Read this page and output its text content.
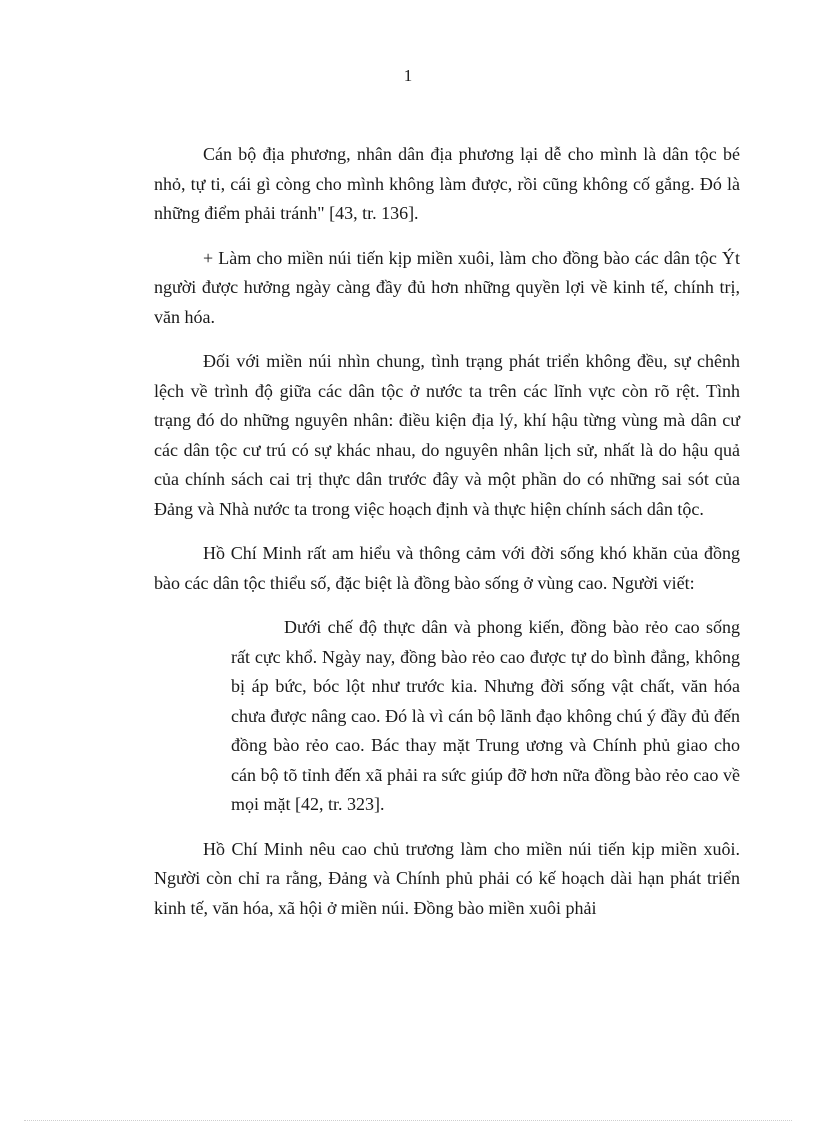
1

Cán bộ địa phương, nhân dân địa phương lại dễ cho mình là dân tộc bé nhỏ, tự ti, cái gì còng cho mình không làm được, rồi cũng không cố gắng. Đó là những điểm phải tránh" [43, tr. 136].

+ Làm cho miền núi tiến kịp miền xuôi, làm cho đồng bào các dân tộc Ýt người được hưởng ngày càng đầy đủ hơn những quyền lợi về kinh tế, chính trị, văn hóa.

Đối với miền núi nhìn chung, tình trạng phát triển không đều, sự chênh lệch về trình độ giữa các dân tộc ở nước ta trên các lĩnh vực còn rõ rệt. Tình trạng đó do những nguyên nhân: điều kiện địa lý, khí hậu từng vùng mà dân cư các dân tộc cư trú có sự khác nhau, do nguyên nhân lịch sử, nhất là do hậu quả của chính sách cai trị thực dân trước đây và một phần do có những sai sót của Đảng và Nhà nước ta trong việc hoạch định và thực hiện chính sách dân tộc.

Hồ Chí Minh rất am hiểu và thông cảm với đời sống khó khăn của đồng bào các dân tộc thiểu số, đặc biệt là đồng bào sống ở vùng cao. Người viết:

Dưới chế độ thực dân và phong kiến, đồng bào rẻo cao sống rất cực khổ. Ngày nay, đồng bào rẻo cao được tự do bình đẳng, không bị áp bức, bóc lột như trước kia. Nhưng đời sống vật chất, văn hóa chưa được nâng cao. Đó là vì cán bộ lãnh đạo không chú ý đầy đủ đến đồng bào rẻo cao. Bác thay mặt Trung ương và Chính phủ giao cho cán bộ tõ tỉnh đến xã phải ra sức giúp đỡ hơn nữa đồng bào rẻo cao về mọi mặt [42, tr. 323].

Hồ Chí Minh nêu cao chủ trương làm cho miền núi tiến kịp miền xuôi. Người còn chỉ ra rằng, Đảng và Chính phủ phải có kế hoạch dài hạn phát triển kinh tế, văn hóa, xã hội ở miền núi. Đồng bào miền xuôi phải
